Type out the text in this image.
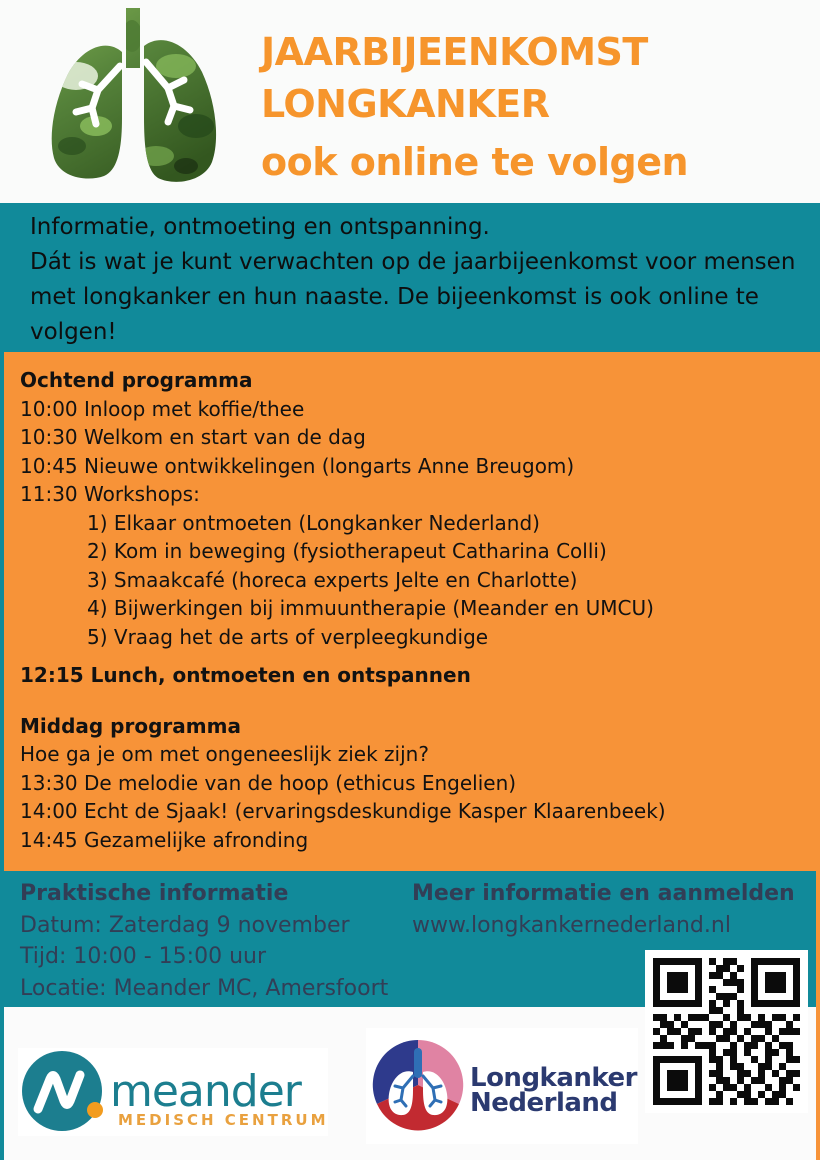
JAARBIJEENKOMST
LONGKANKER
ook online te volgen
Informatie, ontmoeting en ontspanning.
Dát is wat je kunt verwachten op de jaarbijeenkomst voor mensen
met longkanker en hun naaste. De bijeenkomst is ook online te
volgen!
Ochtend programma
10:00 Inloop met koffie/thee
10:30 Welkom en start van de dag
10:45 Nieuwe ontwikkelingen (longarts Anne Breugom)
11:30 Workshops:
1) Elkaar ontmoeten (Longkanker Nederland)
2) Kom in beweging (fysiotherapeut Catharina Colli)
3) Smaakcafé (horeca experts Jelte en Charlotte)
4) Bijwerkingen bij immuuntherapie (Meander en UMCU)
5) Vraag het de arts of verpleegkundige
12:15 Lunch, ontmoeten en ontspannen
Middag programma
Hoe ga je om met ongeneeslijk ziek zijn?
13:30 De melodie van de hoop (ethicus Engelien)
14:00 Echt de Sjaak! (ervaringsdeskundige Kasper Klaarenbeek)
14:45 Gezamelijke afronding
Praktische informatie
Datum: Zaterdag 9 november
Tijd: 10:00 - 15:00 uur
Locatie: Meander MC, Amersfoort
Meer informatie en aanmelden
www.longkankernederland.nl
meander
MEDISCH CENTRUM
Longkanker
Nederland
